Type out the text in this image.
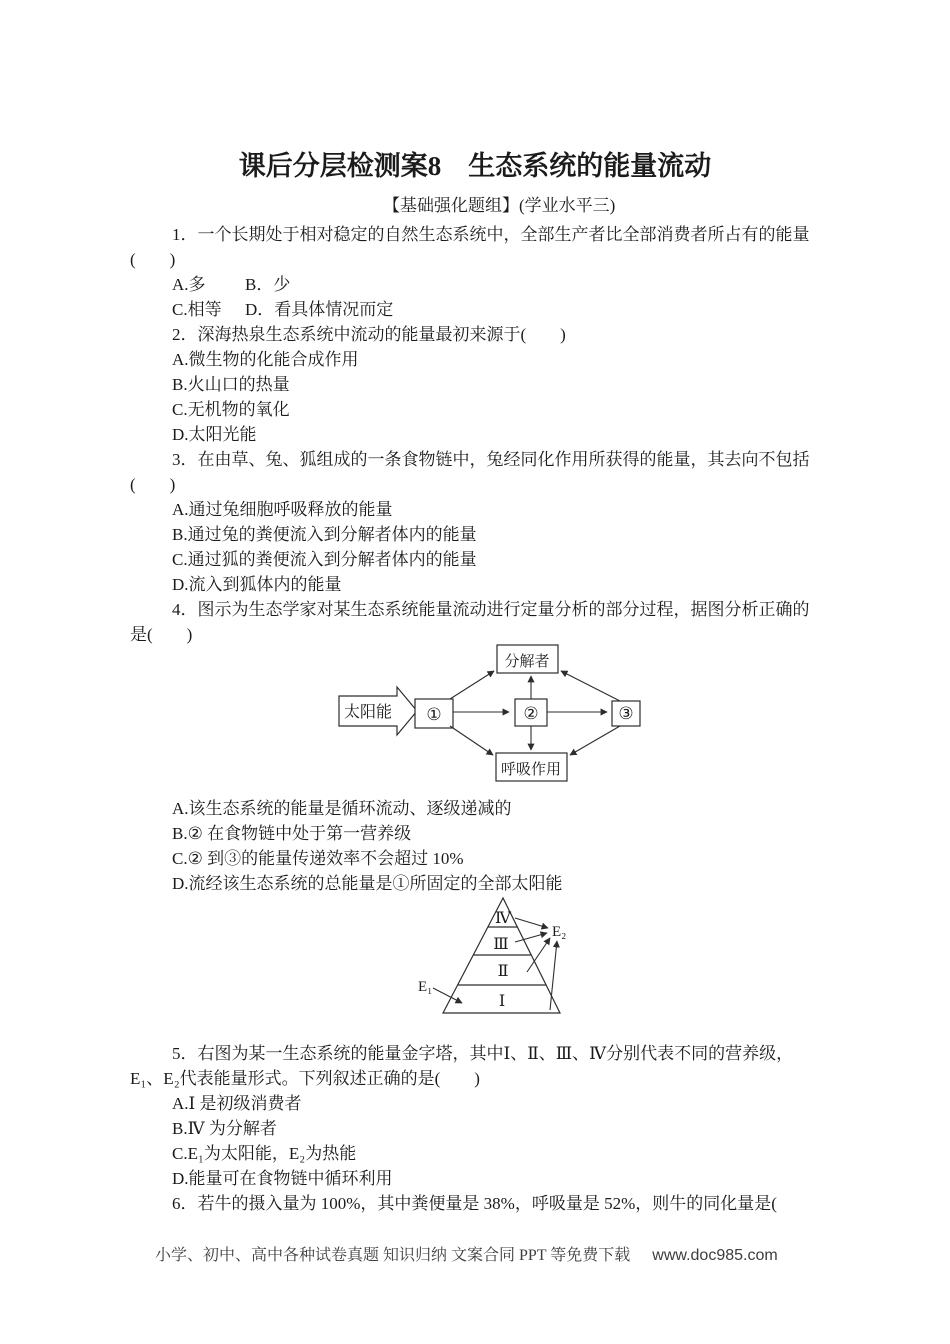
课后分层检测案8　生态系统的能量流动
【基础强化题组】(学业水平三)
1．一个长期处于相对稳定的自然生态系统中，全部生产者比全部消费者所占有的能量
(　　)
A.多 B．少
C.相等 D．看具体情况而定
2．深海热泉生态系统中流动的能量最初来源于(　　)
A.微生物的化能合成作用
B.火山口的热量
C.无机物的氧化
D.太阳光能
3．在由草、兔、狐组成的一条食物链中，兔经同化作用所获得的能量，其去向不包括
(　　)
A.通过兔细胞呼吸释放的能量
B.通过兔的粪便流入到分解者体内的能量
C.通过狐的粪便流入到分解者体内的能量
D.流入到狐体内的能量
4．图示为生态学家对某生态系统能量流动进行定量分析的部分过程，据图分析正确的
是(　　)
太阳能 ①	②	③
分解者
呼吸作用
A.该生态系统的能量是循环流动、逐级递减的
B.② 在食物链中处于第一营养级
C.② 到③的能量传递效率不会超过 10%
D.流经该生态系统的总能量是①所固定的全部太阳能
Ⅳ
Ⅲ
Ⅱ
Ⅰ
E₁
E₂
5．右图为某一生态系统的能量金字塔，其中Ⅰ、Ⅱ、Ⅲ、Ⅳ分别代表不同的营养级，
E₁、E₂代表能量形式。下列叙述正确的是(　　)
A.Ⅰ 是初级消费者
B.Ⅳ 为分解者
C.E₁为太阳能，E₂为热能
D.能量可在食物链中循环利用
6．若牛的摄入量为 100%，其中粪便量是 38%，呼吸量是 52%，则牛的同化量是(
小学、初中、高中各种试卷真题 知识归纳 文案合同 PPT 等免费下载 www.doc985.com
